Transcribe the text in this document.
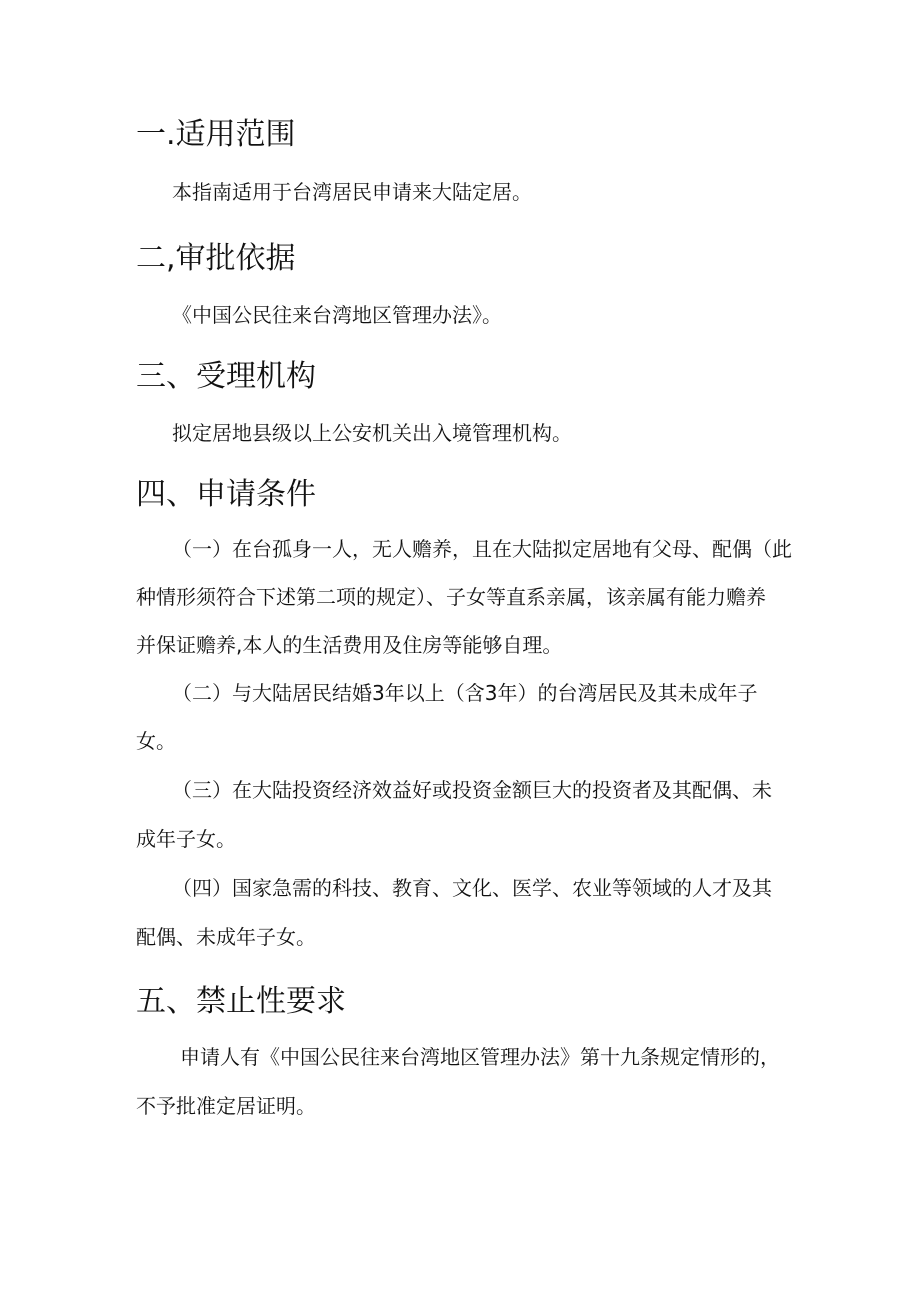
一.适用范围

本指南适用于台湾居民申请来大陆定居。

二,审批依据

《中国公民往来台湾地区管理办法》。

三、受理机构

拟定居地县级以上公安机关出入境管理机构。

四、申请条件

（一）在台孤身一人，无人赡养，且在大陆拟定居地有父母、配偶（此

种情形须符合下述第二项的规定）、子女等直系亲属，该亲属有能力赡养

并保证赡养,本人的生活费用及住房等能够自理。

（二）与大陆居民结婚3年以上（含3年）的台湾居民及其未成年子

女。

（三）在大陆投资经济效益好或投资金额巨大的投资者及其配偶、未

成年子女。

（四）国家急需的科技、教育、文化、医学、农业等领域的人才及其

配偶、未成年子女。

五、禁止性要求

申请人有《中国公民往来台湾地区管理办法》第十九条规定情形的，

不予批准定居证明。
